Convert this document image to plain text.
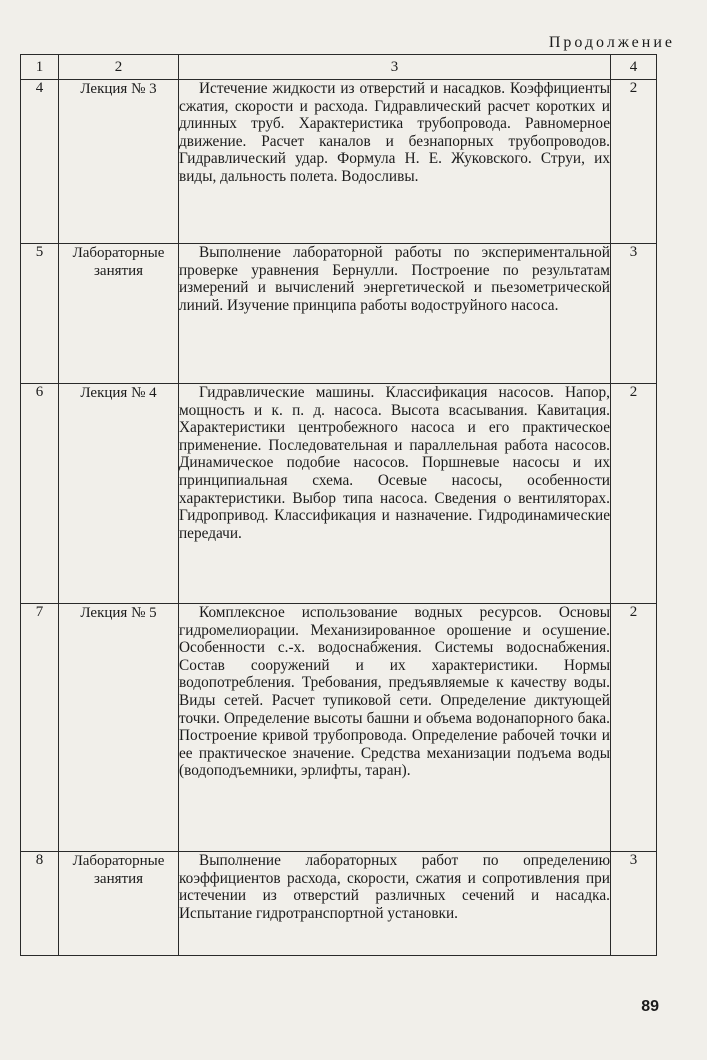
Продолжение
1	2	3	4
4	Лекция № 3	Истечение жидкости из отверстий и насадков. Коэффициенты сжатия, скорости и расхода. Гидравлический расчет коротких и длинных труб. Характеристика трубопровода. Равномерное движение. Расчет каналов и безнапорных трубопроводов. Гидравлический удар. Формула Н. Е. Жуковского. Струи, их виды, дальность полета. Водосливы.	2
5	Лабораторные занятия	Выполнение лабораторной работы по экспериментальной проверке уравнения Бернулли. Построение по результатам измерений и вычислений энергетической и пьезометрической линий. Изучение принципа работы водоструйного насоса.	3
6	Лекция № 4	Гидравлические машины. Классификация насосов. Напор, мощность и к. п. д. насоса. Высота всасывания. Кавитация. Характеристики центробежного насоса и его практическое применение. Последовательная и параллельная работа насосов. Динамическое подобие насосов. Поршневые насосы и их принципиальная схема. Осевые насосы, особенности характеристики. Выбор типа насоса. Сведения о вентиляторах. Гидропривод. Классификация и назначение. Гидродинамические передачи.	2
7	Лекция № 5	Комплексное использование водных ресурсов. Основы гидромелиорации. Механизированное орошение и осушение. Особенности с.-х. водоснабжения. Системы водоснабжения. Состав сооружений и их характеристики. Нормы водопотребления. Требования, предъявляемые к качеству воды. Виды сетей. Расчет тупиковой сети. Определение диктующей точки. Определение высоты башни и объема водонапорного бака. Построение кривой трубопровода. Определение рабочей точки и ее практическое значение. Средства механизации подъема воды (водоподъемники, эрлифты, таран).	2
8	Лабораторные занятия	Выполнение лабораторных работ по определению коэффициентов расхода, скорости, сжатия и сопротивления при истечении из отверстий различных сечений и насадка. Испытание гидротранспортной установки.	3
89
